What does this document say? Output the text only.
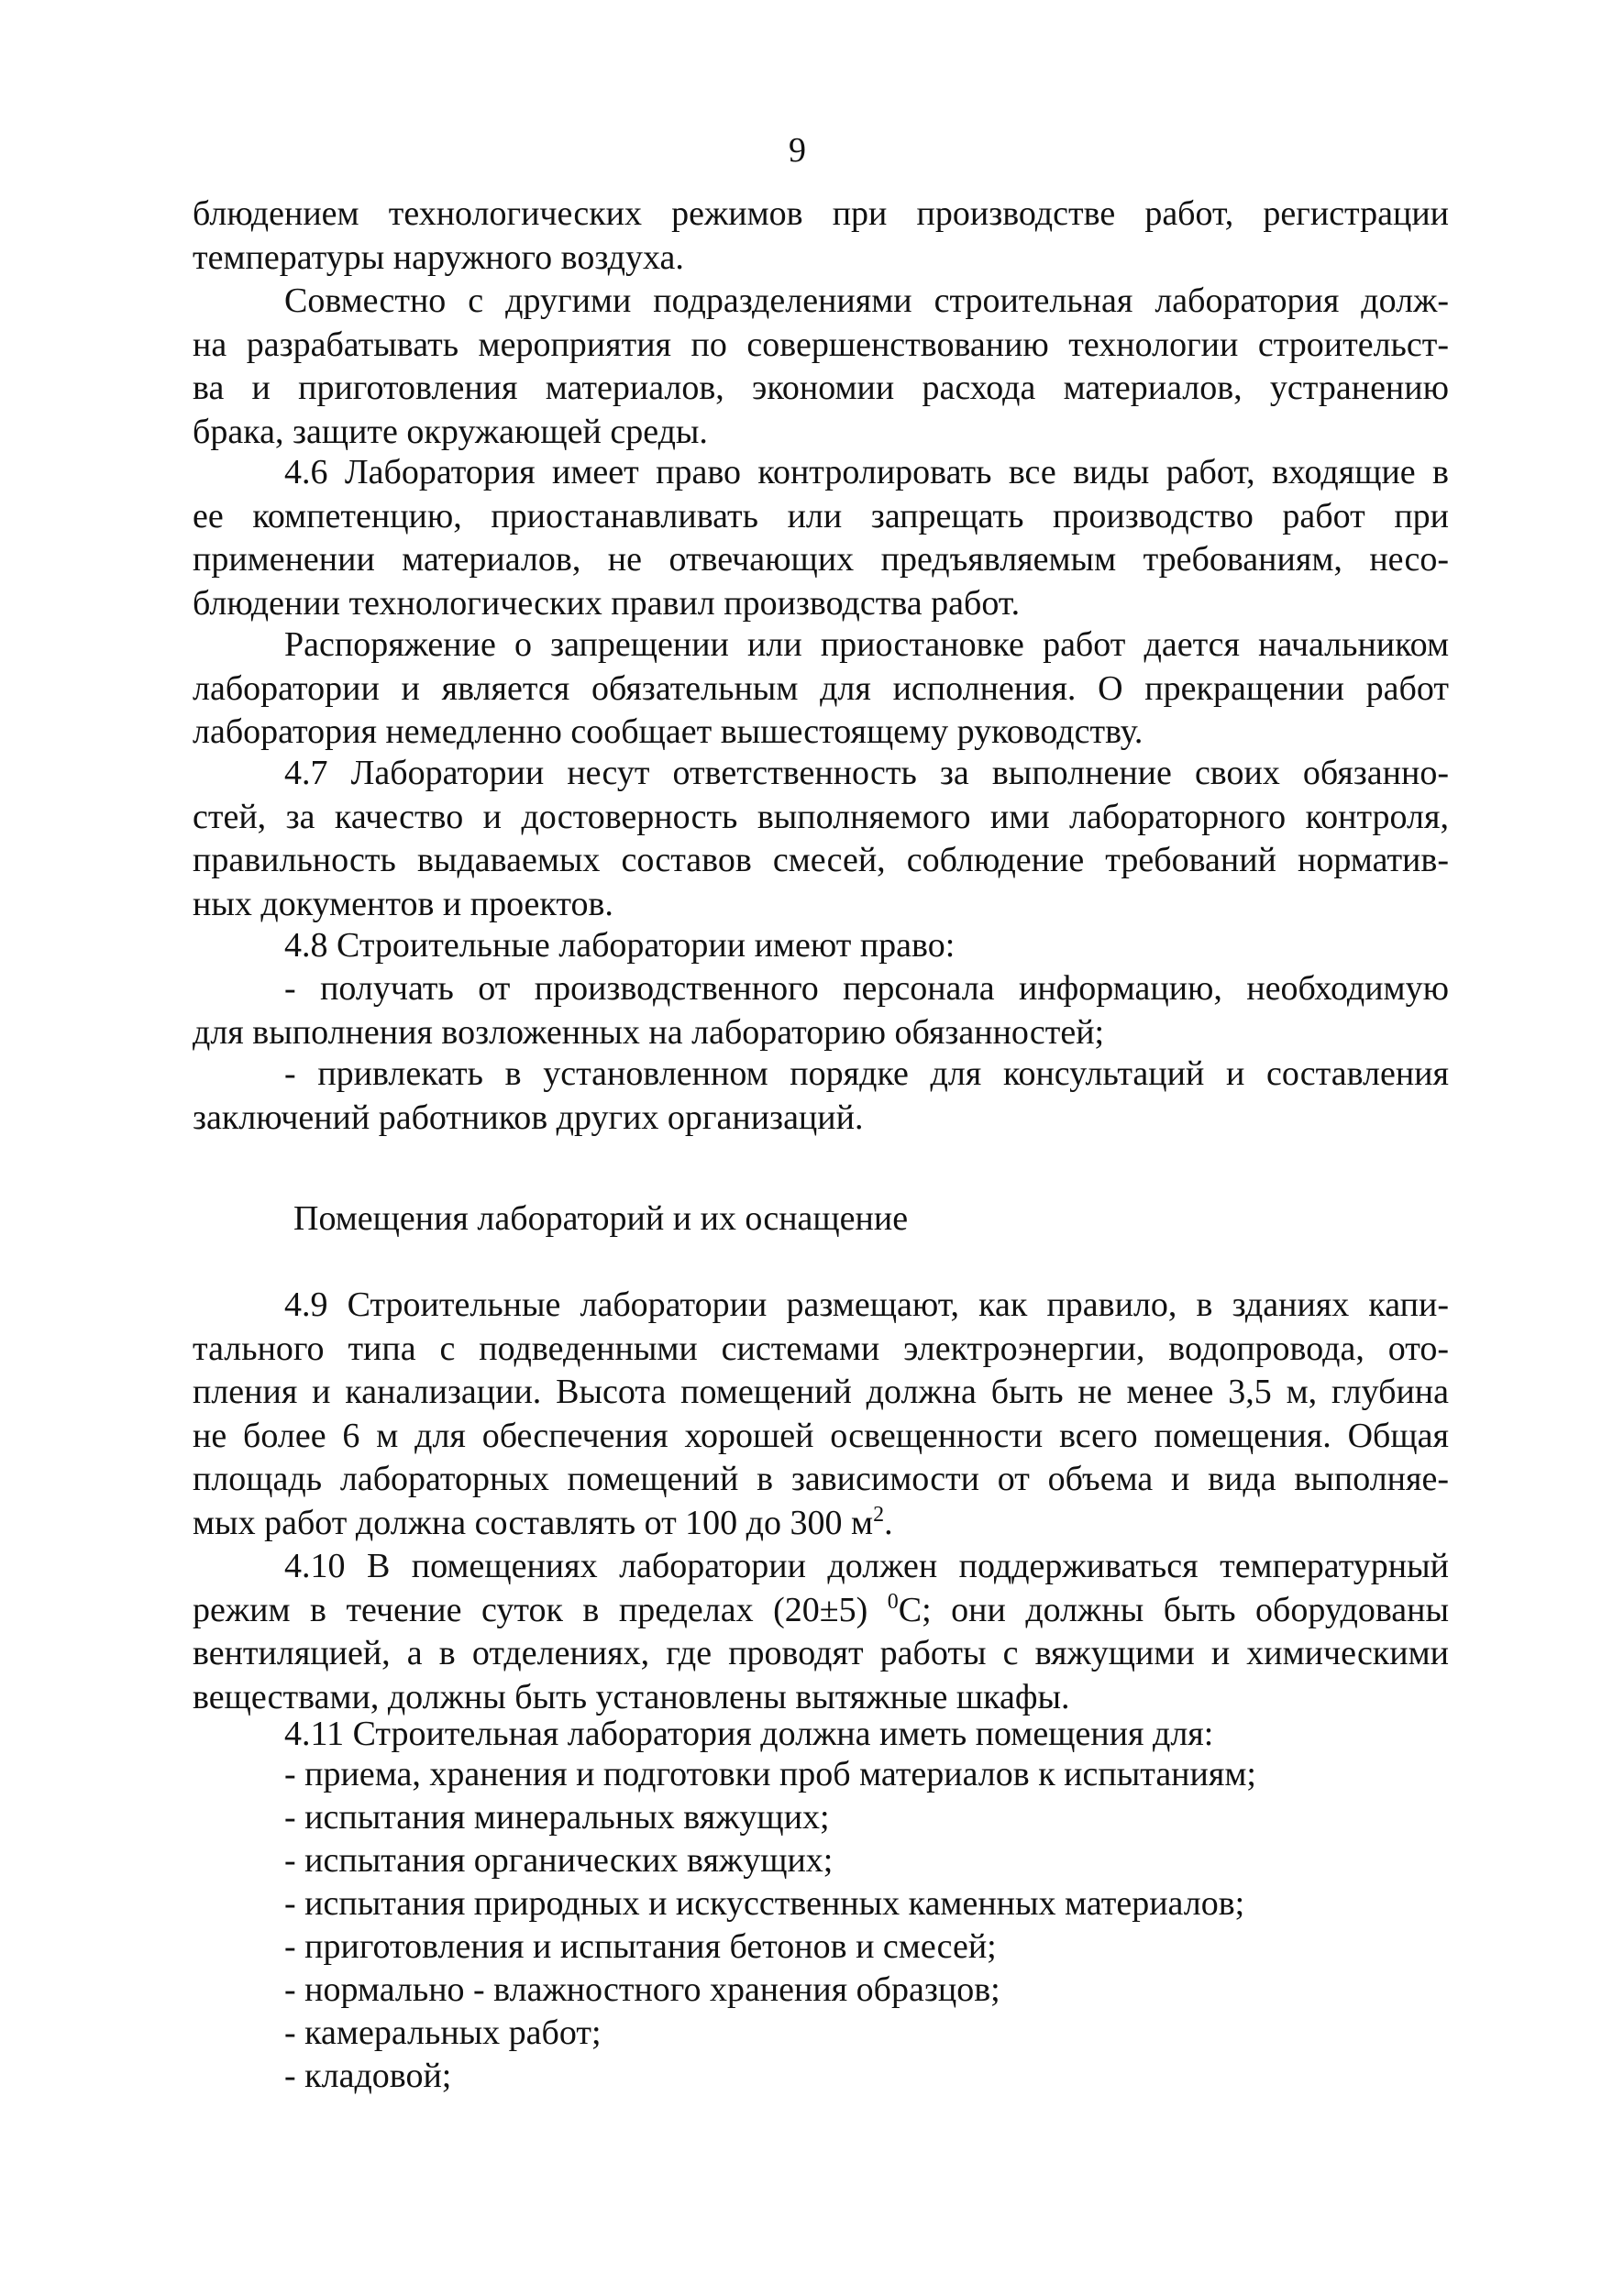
9
блюдением технологических режимов при производстве работ, регистрации
температуры наружного воздуха.
Совместно с другими подразделениями строительная лаборатория долж-
на разрабатывать мероприятия по совершенствованию технологии строительст-
ва и приготовления материалов, экономии расхода материалов, устранению
брака, защите окружающей среды.
4.6 Лаборатория имеет право контролировать все виды работ, входящие в
ее компетенцию, приостанавливать или запрещать производство работ при
применении материалов, не отвечающих предъявляемым требованиям, несо-
блюдении технологических правил производства работ.
Распоряжение о запрещении или приостановке работ дается начальником
лаборатории и является обязательным для исполнения. О прекращении работ
лаборатория немедленно сообщает вышестоящему руководству.
4.7 Лаборатории несут ответственность за выполнение своих обязанно-
стей, за качество и достоверность выполняемого ими лабораторного контроля,
правильность выдаваемых составов смесей, соблюдение требований норматив-
ных документов и проектов.
4.8 Строительные лаборатории имеют право:
- получать от производственного персонала информацию, необходимую
для выполнения возложенных на лабораторию обязанностей;
- привлекать в установленном порядке для консультаций и составления
заключений работников других организаций.
Помещения лабораторий и их оснащение
4.9 Строительные лаборатории размещают, как правило, в зданиях капи-
тального типа с подведенными системами электроэнергии, водопровода, ото-
пления и канализации. Высота помещений должна быть не менее 3,5 м, глубина
не более 6 м для обеспечения хорошей освещенности всего помещения. Общая
площадь лабораторных помещений в зависимости от объема и вида выполняе-
мых работ должна составлять от 100 до 300 $м^2$.
4.10 В помещениях лаборатории должен поддерживаться температурный
режим в течение суток в пределах (20±5) $^0$С; они должны быть оборудованы
вентиляцией, а в отделениях, где проводят работы с вяжущими и химическими
веществами, должны быть установлены вытяжные шкафы.
4.11 Строительная лаборатория должна иметь помещения для:
- приема, хранения и подготовки проб материалов к испытаниям;
- испытания минеральных вяжущих;
- испытания органических вяжущих;
- испытания природных и искусственных каменных материалов;
- приготовления и испытания бетонов и смесей;
- нормально - влажностного хранения образцов;
- камеральных работ;
- кладовой;
